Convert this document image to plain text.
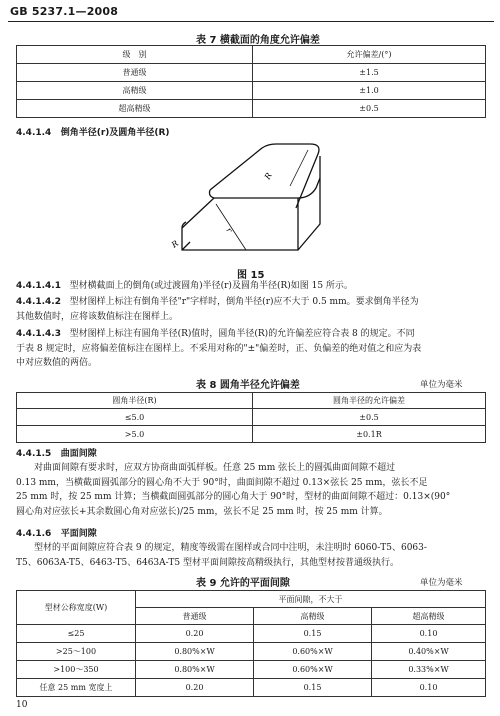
GB 5237.1—2008
表 7 横截面的角度允许偏差
级　别	允许偏差/(°)
普通级	±1.5
高精级	±1.0
超高精级	±0.5
4.4.1.4 倒角半径(r)及圆角半径(R)
R
r
R
图 15
4.4.1.4.1 型材横截面上的倒角(或过渡圆角)半径(r)及圆角半径(R)如图 15 所示。
4.4.1.4.2 型材图样上标注有倒角半径"r"字样时，倒角半径(r)应不大于 0.5 mm。要求倒角半径为
其他数值时，应将该数值标注在图样上。
4.4.1.4.3 型材图样上标注有圆角半径(R)值时，圆角半径(R)的允许偏差应符合表 8 的规定。不同
于表 8 规定时，应将偏差值标注在图样上。不采用对称的"±"偏差时，正、负偏差的绝对值之和应为表
中对应数值的两倍。
表 8 圆角半径允许偏差	单位为毫米
圆角半径(R)	圆角半径的允许偏差
≤5.0	±0.5
>5.0	±0.1R
4.4.1.5 曲面间隙
对曲面间隙有要求时，应双方协商曲面弧样板。任意 25 mm 弦长上的圆弧曲面间隙不超过
0.13 mm，当横截面圆弧部分的圆心角不大于 90°时，曲面间隙不超过 0.13×弦长 25 mm，弦长不足
25 mm 时，按 25 mm 计算；当横截面圆弧部分的圆心角大于 90°时，型材的曲面间隙不超过：0.13×(90°
圆心角对应弦长+其余数圆心角对应弦长)/25 mm，弦长不足 25 mm 时，按 25 mm 计算。
4.4.1.6 平面间隙
型材的平面间隙应符合表 9 的规定，精度等级需在图样或合同中注明，未注明时 6060-T5、6063-
T5、6063A-T5、6463-T5、6463A-T5 型材平面间隙按高精级执行，其他型材按普通级执行。
表 9 允许的平面间隙	单位为毫米
型材公称宽度(W)	平面间隙，不大于		
	普通级	高精级	超高精级
≤25	0.20	0.15	0.10
>25～100	0.80%×W	0.60%×W	0.40%×W
>100～350	0.80%×W	0.60%×W	0.33%×W
任意 25 mm 宽度上	0.20	0.15	0.10
10
